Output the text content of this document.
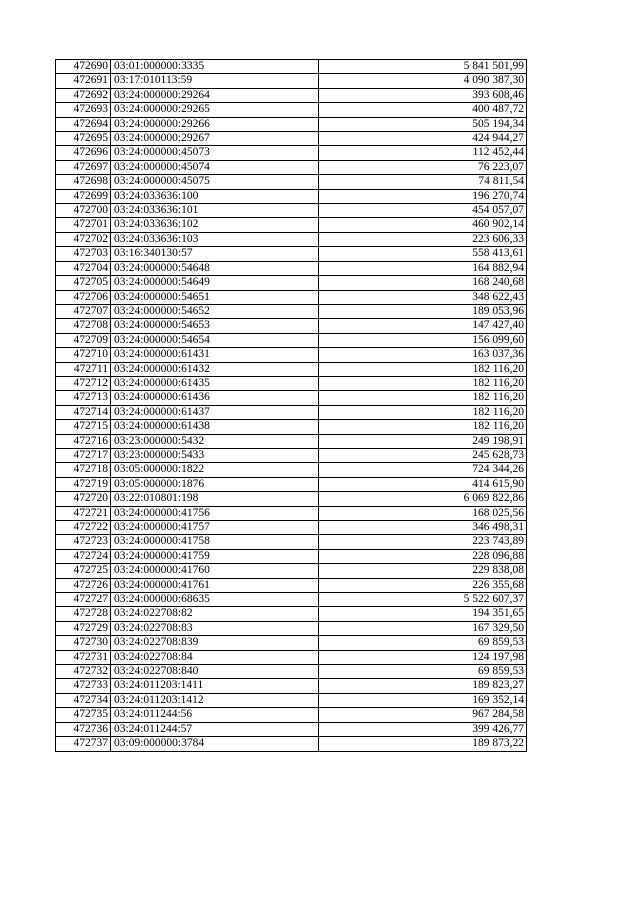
472690	03:01:000000:3335	5 841 501,99
472691	03:17:010113:59	4 090 387,30
472692	03:24:000000:29264	393 608,46
472693	03:24:000000:29265	400 487,72
472694	03:24:000000:29266	505 194,34
472695	03:24:000000:29267	424 944,27
472696	03:24:000000:45073	112 452,44
472697	03:24:000000:45074	76 223,07
472698	03:24:000000:45075	74 811,54
472699	03:24:033636:100	196 270,74
472700	03:24:033636:101	454 057,07
472701	03:24:033636:102	460 902,14
472702	03:24:033636:103	223 606,33
472703	03:16:340130:57	558 413,61
472704	03:24:000000:54648	164 882,94
472705	03:24:000000:54649	168 240,68
472706	03:24:000000:54651	348 622,43
472707	03:24:000000:54652	189 053,96
472708	03:24:000000:54653	147 427,40
472709	03:24:000000:54654	156 099,60
472710	03:24:000000:61431	163 037,36
472711	03:24:000000:61432	182 116,20
472712	03:24:000000:61435	182 116,20
472713	03:24:000000:61436	182 116,20
472714	03:24:000000:61437	182 116,20
472715	03:24:000000:61438	182 116,20
472716	03:23:000000:5432	249 198,91
472717	03:23:000000:5433	245 628,73
472718	03:05:000000:1822	724 344,26
472719	03:05:000000:1876	414 615,90
472720	03:22:010801:198	6 069 822,86
472721	03:24:000000:41756	168 025,56
472722	03:24:000000:41757	346 498,31
472723	03:24:000000:41758	223 743,89
472724	03:24:000000:41759	228 096,88
472725	03:24:000000:41760	229 838,08
472726	03:24:000000:41761	226 355,68
472727	03:24:000000:68635	5 522 607,37
472728	03:24:022708:82	194 351,65
472729	03:24:022708:83	167 329,50
472730	03:24:022708:839	69 859,53
472731	03:24:022708:84	124 197,98
472732	03:24:022708:840	69 859,53
472733	03:24:011203:1411	189 823,27
472734	03:24:011203:1412	169 352,14
472735	03:24:011244:56	967 284,58
472736	03:24:011244:57	399 426,77
472737	03:09:000000:3784	189 873,22
